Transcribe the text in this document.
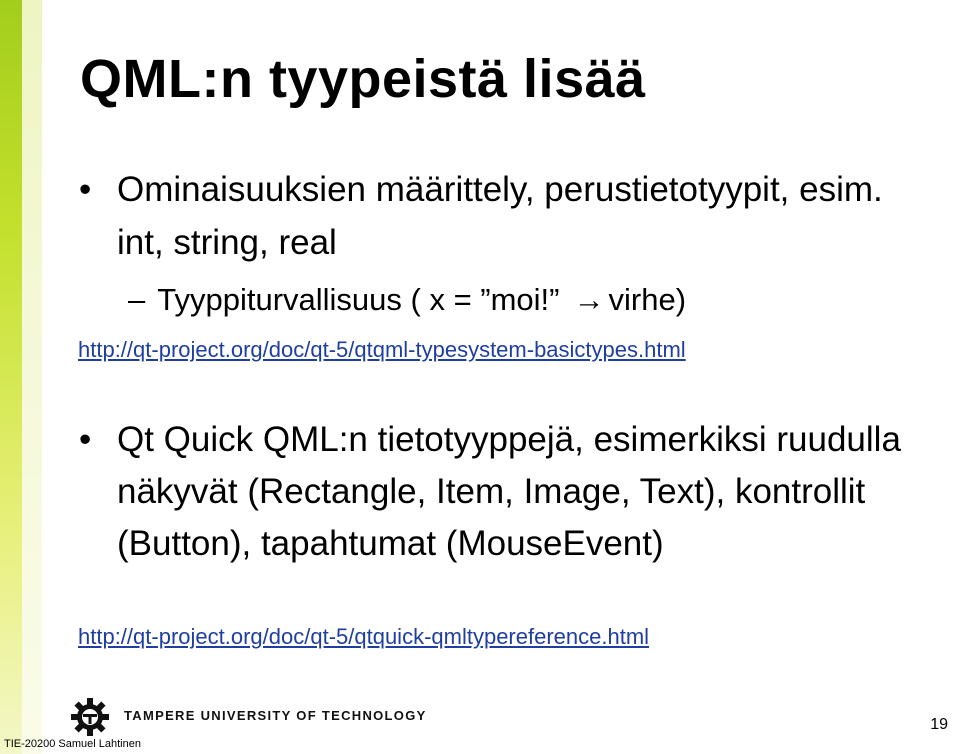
QML:n tyypeistä lisää
• Ominaisuuksien määrittely, perustietotyypit, esim. int, string, real
– Tyyppiturvallisuus ( x = ”moi!” → virhe)
http://qt-project.org/doc/qt-5/qtqml-typesystem-basictypes.html
• Qt Quick QML:n tietotyyppejä, esimerkiksi ruudulla näkyvät (Rectangle, Item, Image, Text), kontrollit (Button), tapahtumat (MouseEvent)
http://qt-project.org/doc/qt-5/qtquick-qmltypereference.html
TAMPERE UNIVERSITY OF TECHNOLOGY
TIE-20200 Samuel Lahtinen
19
